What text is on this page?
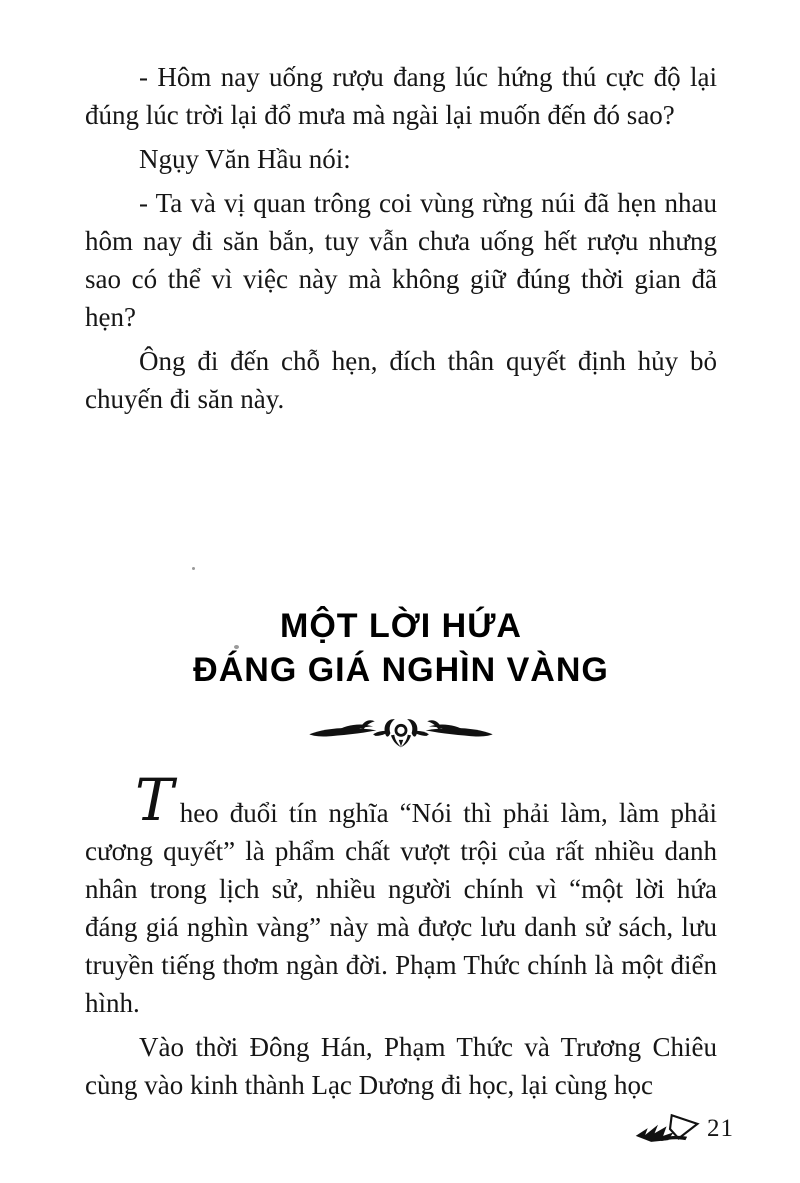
- Hôm nay uống rượu đang lúc hứng thú cực độ lại đúng lúc trời lại đổ mưa mà ngài lại muốn đến đó sao?

Ngụy Văn Hầu nói:

- Ta và vị quan trông coi vùng rừng núi đã hẹn nhau hôm nay đi săn bắn, tuy vẫn chưa uống hết rượu nhưng sao có thể vì việc này mà không giữ đúng thời gian đã hẹn?

Ông đi đến chỗ hẹn, đích thân quyết định hủy bỏ chuyến đi săn này.

MỘT LỜI HỨA
ĐÁNG GIÁ NGHÌN VÀNG

Theo đuổi tín nghĩa “Nói thì phải làm, làm phải cương quyết” là phẩm chất vượt trội của rất nhiều danh nhân trong lịch sử, nhiều người chính vì “một lời hứa đáng giá nghìn vàng” này mà được lưu danh sử sách, lưu truyền tiếng thơm ngàn đời. Phạm Thức chính là một điển hình.

Vào thời Đông Hán, Phạm Thức và Trương Chiêu cùng vào kinh thành Lạc Dương đi học, lại cùng học

21
